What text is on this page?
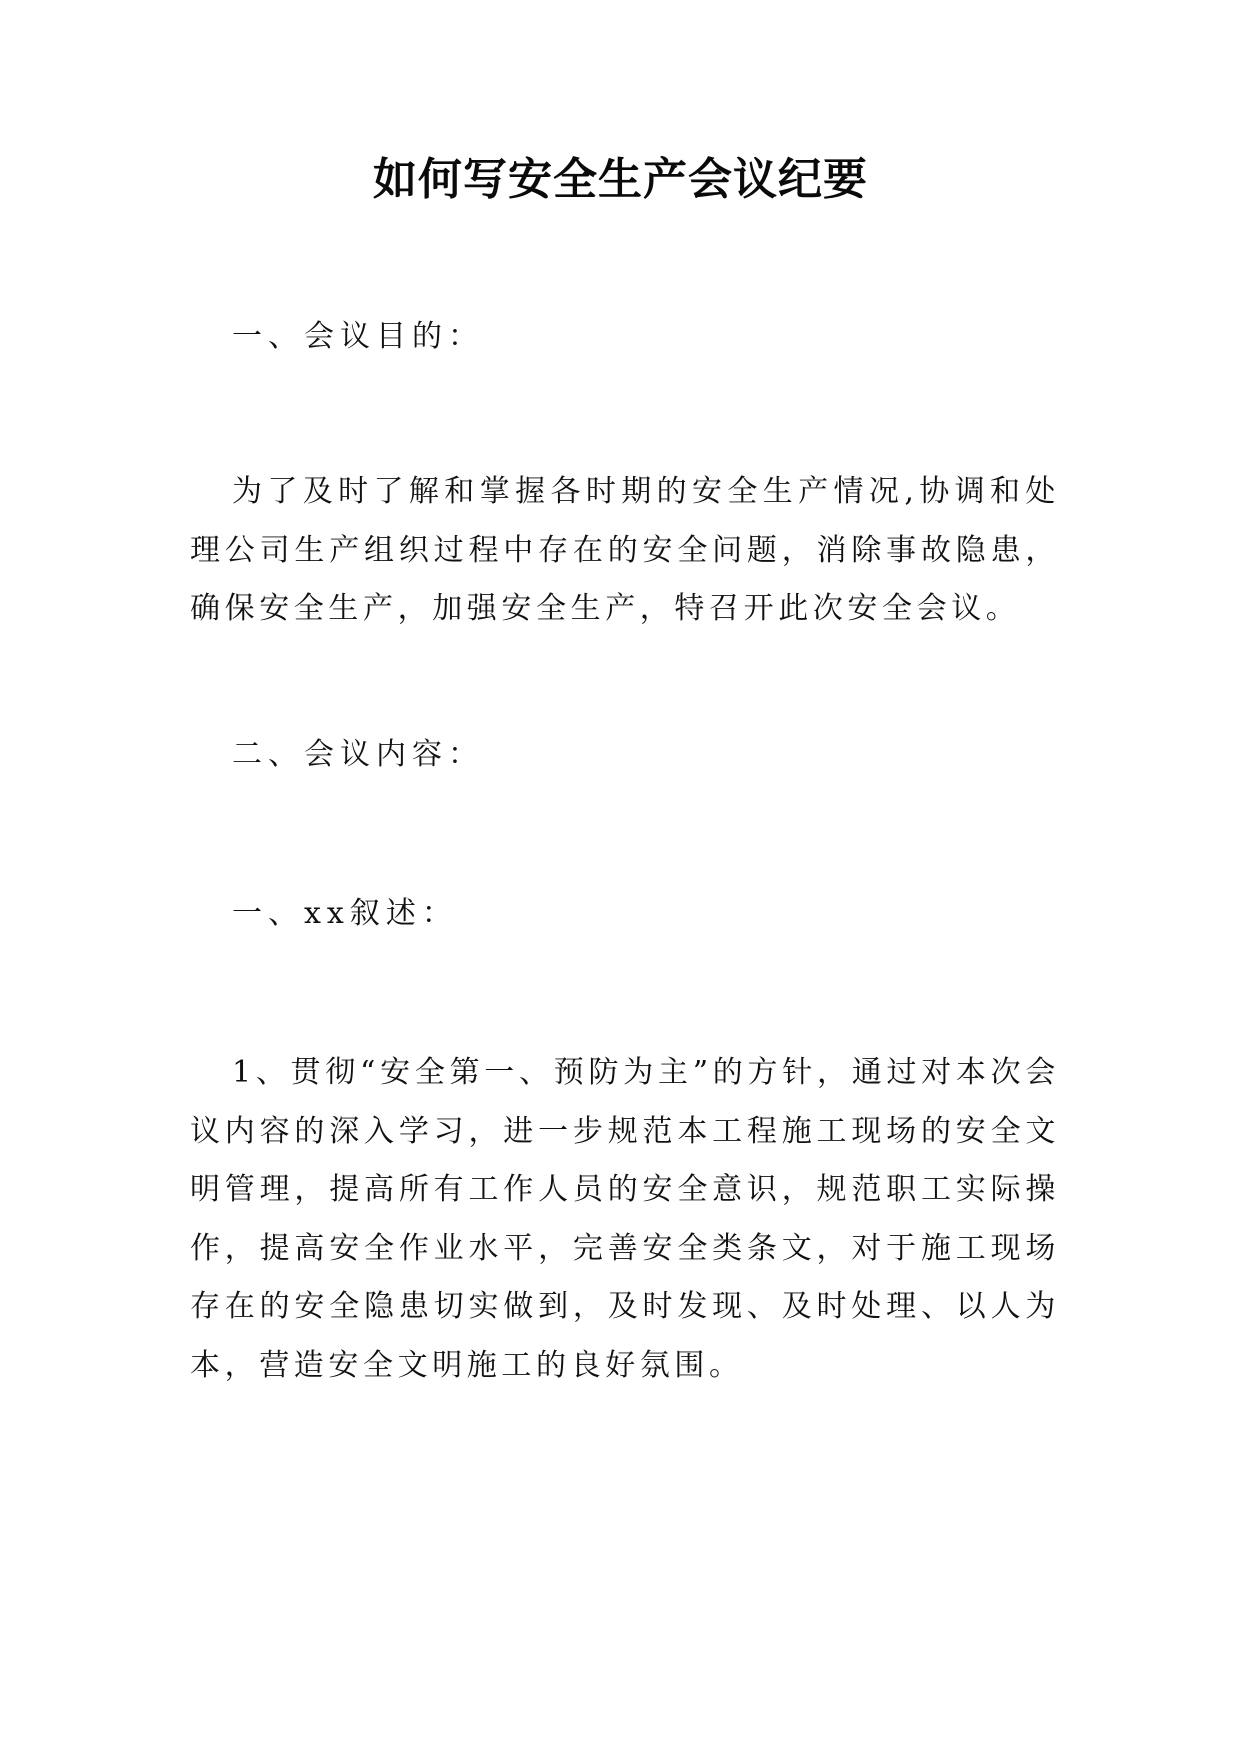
如何写安全生产会议纪要
一、会议目的：
为了及时了解和掌握各时期的安全生产情况,协调和处理公司生产组织过程中存在的安全问题，消除事故隐患，确保安全生产，加强安全生产，特召开此次安全会议。
二、会议内容：
一、xx叙述：
1、贯彻“安全第一、预防为主”的方针，通过对本次会议内容的深入学习，进一步规范本工程施工现场的安全文明管理，提高所有工作人员的安全意识，规范职工实际操作，提高安全作业水平，完善安全类条文，对于施工现场存在的安全隐患切实做到，及时发现、及时处理、以人为本，营造安全文明施工的良好氛围。
